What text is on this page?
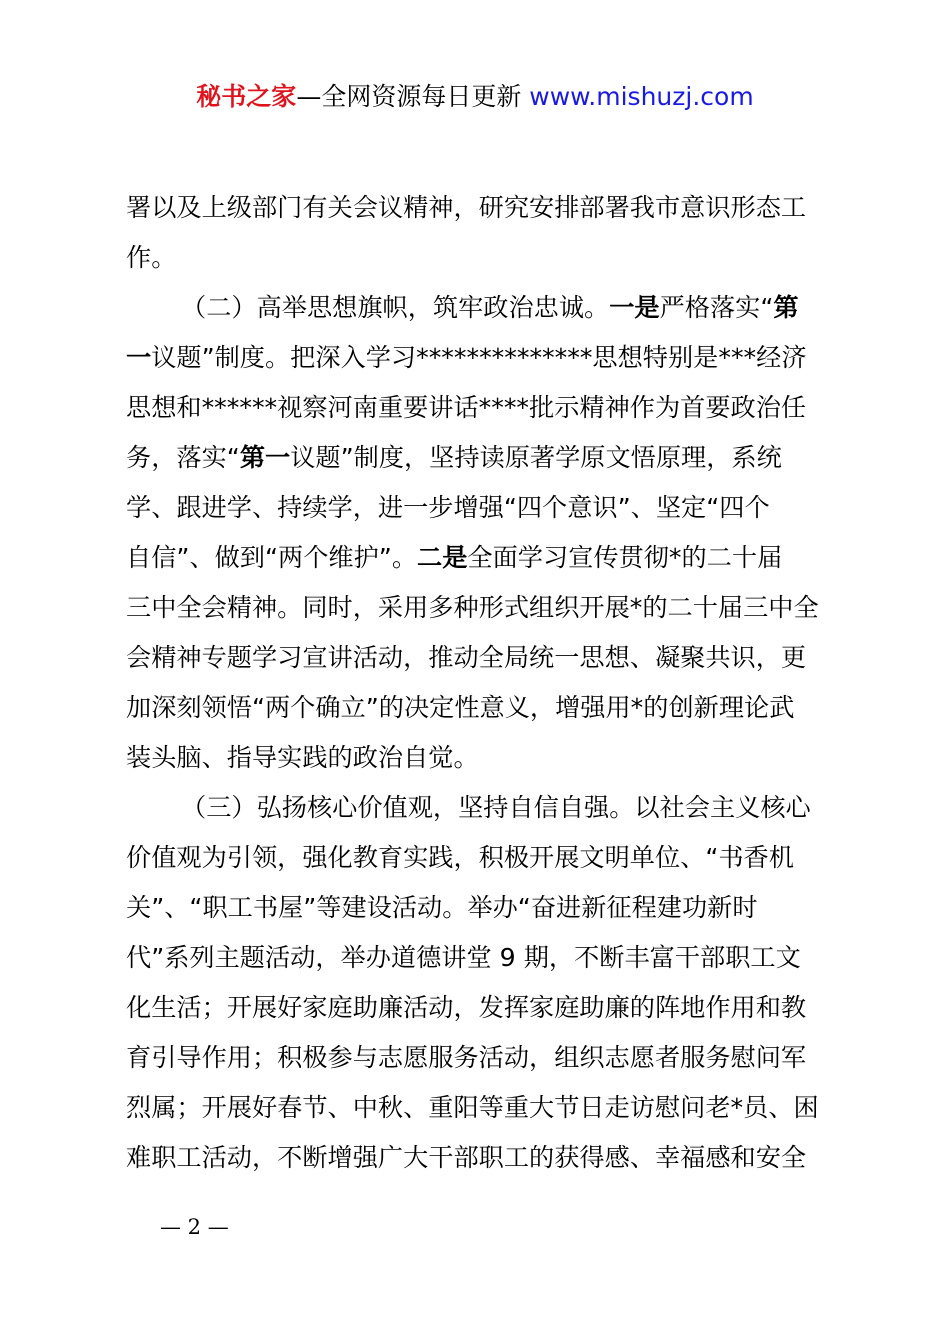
秘书之家—全网资源每日更新 www.mishuzj.com
署以及上级部门有关会议精神，研究安排部署我市意识形态工
作。
（二）高举思想旗帜，筑牢政治忠诚。一是严格落实“第
一议题”制度。把深入学习**************思想特别是***经济
思想和******视察河南重要讲话****批示精神作为首要政治任
务，落实“第一议题”制度，坚持读原著学原文悟原理，系统
学、跟进学、持续学，进一步增强“四个意识”、坚定“四个
自信”、做到“两个维护”。二是全面学习宣传贯彻*的二十届
三中全会精神。同时，采用多种形式组织开展*的二十届三中全
会精神专题学习宣讲活动，推动全局统一思想、凝聚共识，更
加深刻领悟“两个确立”的决定性意义，增强用*的创新理论武
装头脑、指导实践的政治自觉。
（三）弘扬核心价值观，坚持自信自强。以社会主义核心
价值观为引领，强化教育实践，积极开展文明单位、“书香机
关”、“职工书屋”等建设活动。举办“奋进新征程建功新时
代”系列主题活动，举办道德讲堂 9 期，不断丰富干部职工文
化生活；开展好家庭助廉活动，发挥家庭助廉的阵地作用和教
育引导作用；积极参与志愿服务活动，组织志愿者服务慰问军
烈属；开展好春节、中秋、重阳等重大节日走访慰问老*员、困
难职工活动，不断增强广大干部职工的获得感、幸福感和安全
— 2 —
